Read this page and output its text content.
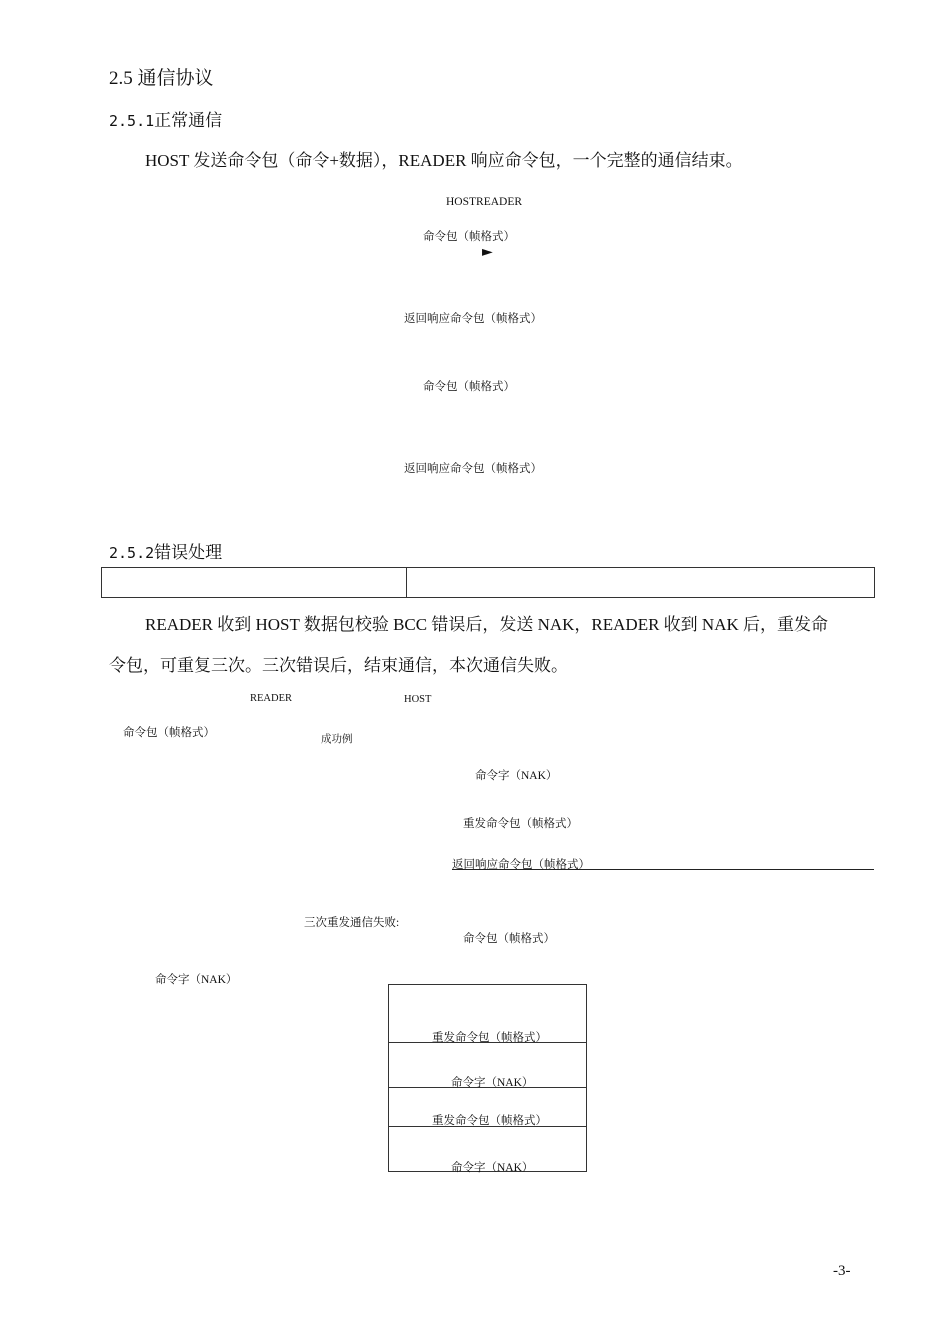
2.5 通信协议
2.5.1正常通信
HOST 发送命令包（命令+数据），READER 响应命令包，一个完整的通信结束。
HOSTREADER
命令包（帧格式）
►
返回响应命令包（帧格式）
命令包（帧格式）
返回响应命令包（帧格式）
2.5.2错误处理
READER 收到 HOST 数据包校验 BCC 错误后，发送 NAK，READER 收到 NAK 后，重发命
令包，可重复三次。三次错误后，结束通信，本次通信失败。
READER	HOST
命令包（帧格式）
成功例
命令字（NAK）
重发命令包（帧格式）
返回响应命令包（帧格式）
三次重发通信失败:
命令包（帧格式）
命令字（NAK）
重发命令包（帧格式）
命令字（NAK）
重发命令包（帧格式）
命令字（NAK）
-3-
